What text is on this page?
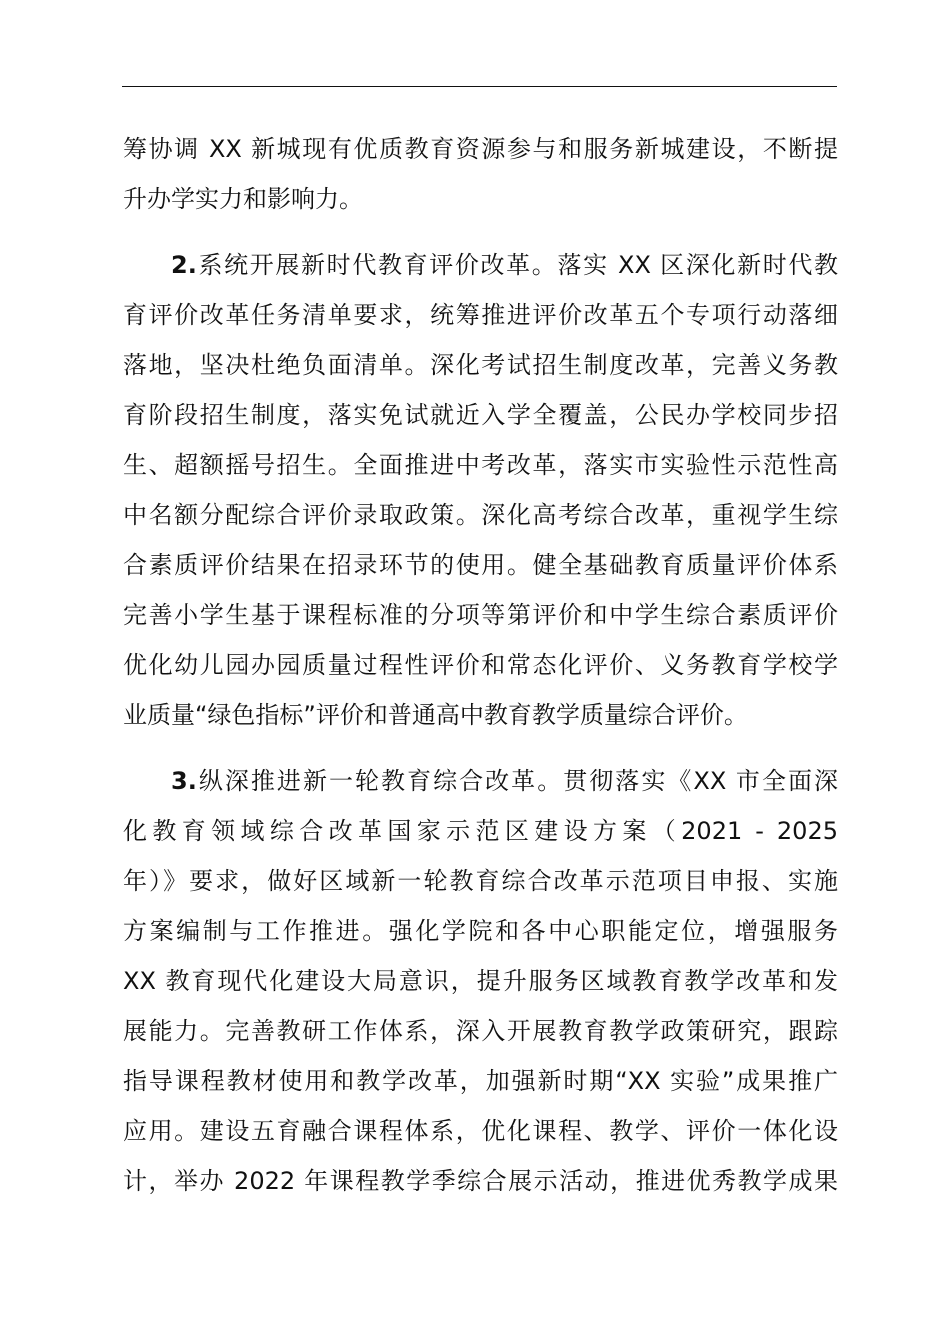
筹协调 XX 新城现有优质教育资源参与和服务新城建设，不断提
升办学实力和影响力。
2.系统开展新时代教育评价改革。落实 XX 区深化新时代教
育评价改革任务清单要求，统筹推进评价改革五个专项行动落细
落地，坚决杜绝负面清单。深化考试招生制度改革，完善义务教
育阶段招生制度，落实免试就近入学全覆盖，公民办学校同步招
生、超额摇号招生。全面推进中考改革，落实市实验性示范性高
中名额分配综合评价录取政策。深化高考综合改革，重视学生综
合素质评价结果在招录环节的使用。健全基础教育质量评价体系
完善小学生基于课程标准的分项等第评价和中学生综合素质评价
优化幼儿园办园质量过程性评价和常态化评价、义务教育学校学
业质量“绿色指标”评价和普通高中教育教学质量综合评价。
3.纵深推进新一轮教育综合改革。贯彻落实《XX 市全面深
化教育领域综合改革国家示范区建设方案（2021 - 2025
年）》要求，做好区域新一轮教育综合改革示范项目申报、实施
方案编制与工作推进。强化学院和各中心职能定位，增强服务
XX 教育现代化建设大局意识，提升服务区域教育教学改革和发
展能力。完善教研工作体系，深入开展教育教学政策研究，跟踪
指导课程教材使用和教学改革，加强新时期“XX 实验”成果推广
应用。建设五育融合课程体系，优化课程、教学、评价一体化设
计，举办 2022 年课程教学季综合展示活动，推进优秀教学成果
